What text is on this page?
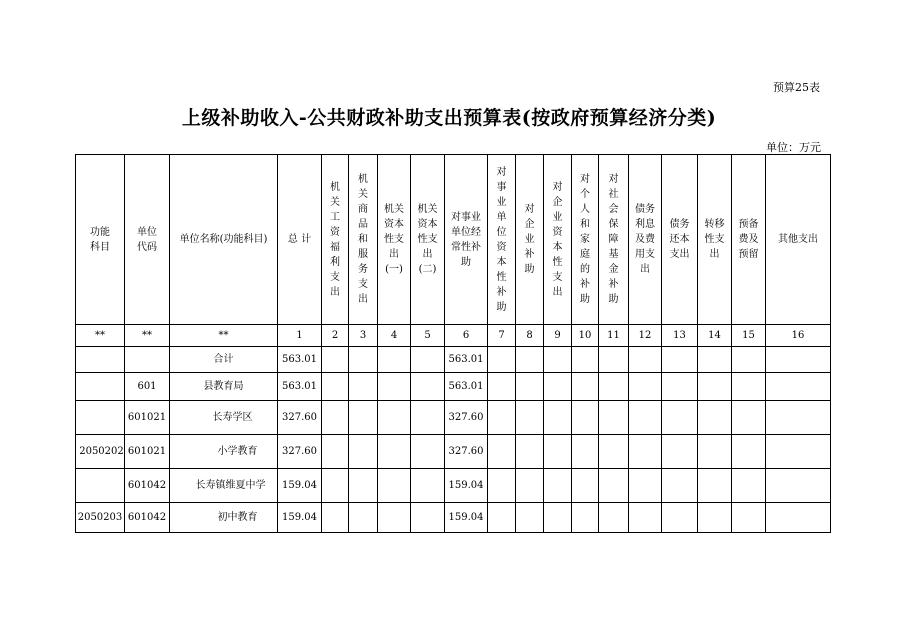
预算25表
上级补助收入-公共财政补助支出预算表(按政府预算经济分类)
单位：万元
功能科目	单位代码	单位名称(功能科目)	总 计	机关工资福利支出	机关商品和服务支出	机关资本性支出(一)	机关资本性支出(二)	对事业单位经常性补助	对事业单位资本性补助	对企业补助	对企业资本性支出	对个人和家庭的补助	对社会保障基金补助	债务利息及费用支出	债务还本支出	转移性支出	预备费及预留	其他支出
**	**	**	1	2	3	4	5	6	7	8	9	10	11	12	13	14	15	16
		合计	563.01					563.01										
	601	县教育局	563.01					563.01										
	601021	长寿学区	327.60					327.60										
2050202	601021	小学教育	327.60					327.60										
	601042	长寿镇维夏中学	159.04					159.04										
2050203	601042	初中教育	159.04					159.04										
